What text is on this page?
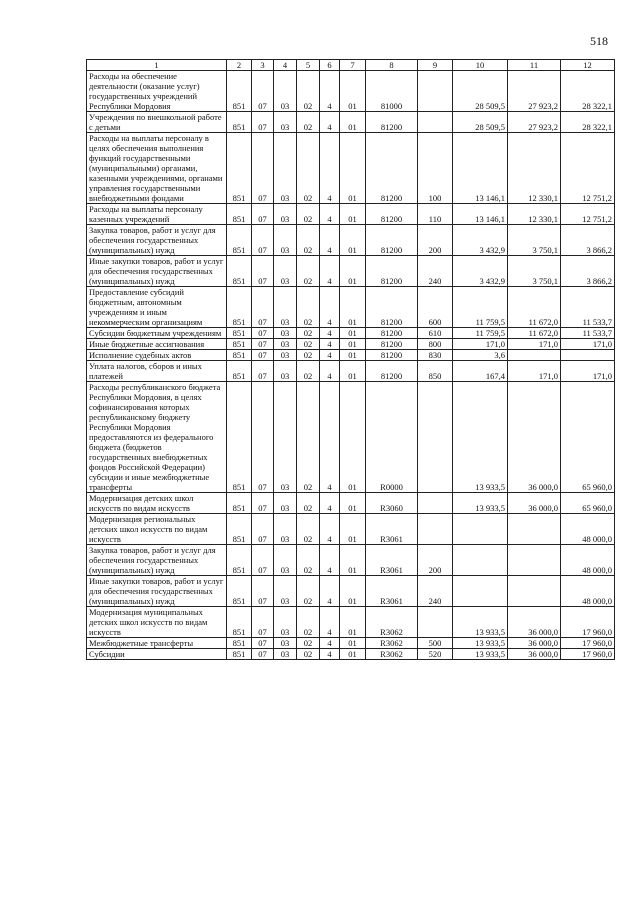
518
1	2	3	4	5	6	7	8	9	10	11	12
Расходы на обеспечение деятельности (оказание услуг) государственных учреждений Республики Мордовия	851	07	03	02	4	01	81000		28 509,5	27 923,2	28 322,1
Учреждения по внешкольной работе с детьми	851	07	03	02	4	01	81200		28 509,5	27 923,2	28 322,1
Расходы на выплаты персоналу в целях обеспечения выполнения функций государственными (муниципальными) органами, казенными учреждениями, органами управления государственными внебюджетными фондами	851	07	03	02	4	01	81200	100	13 146,1	12 330,1	12 751,2
Расходы на выплаты персоналу казенных учреждений	851	07	03	02	4	01	81200	110	13 146,1	12 330,1	12 751,2
Закупка товаров, работ и услуг для обеспечения государственных (муниципальных) нужд	851	07	03	02	4	01	81200	200	3 432,9	3 750,1	3 866,2
Иные закупки товаров, работ и услуг для обеспечения государственных (муниципальных) нужд	851	07	03	02	4	01	81200	240	3 432,9	3 750,1	3 866,2
Предоставление субсидий бюджетным, автономным учреждениям и иным некоммерческим организациям	851	07	03	02	4	01	81200	600	11 759,5	11 672,0	11 533,7
Субсидии бюджетным учреждениям	851	07	03	02	4	01	81200	610	11 759,5	11 672,0	11 533,7
Иные бюджетные ассигнования	851	07	03	02	4	01	81200	800	171,0	171,0	171,0
Исполнение судебных актов	851	07	03	02	4	01	81200	830	3,6		
Уплата налогов, сборов и иных платежей	851	07	03	02	4	01	81200	850	167,4	171,0	171,0
Расходы республиканского бюджета Республики Мордовия, в целях софинансирования которых республиканскому бюджету Республики Мордовия предоставляются из федерального бюджета (бюджетов государственных внебюджетных фондов Российской Федерации) субсидии и иные межбюджетные трансферты	851	07	03	02	4	01	R0000		13 933,5	36 000,0	65 960,0
Модернизация детских школ искусств по видам искусств	851	07	03	02	4	01	R3060		13 933,5	36 000,0	65 960,0
Модернизация региональных детских школ искусств по видам искусств	851	07	03	02	4	01	R3061				48 000,0
Закупка товаров, работ и услуг для обеспечения государственных (муниципальных) нужд	851	07	03	02	4	01	R3061	200			48 000,0
Иные закупки товаров, работ и услуг для обеспечения государственных (муниципальных) нужд	851	07	03	02	4	01	R3061	240			48 000,0
Модернизация муниципальных детских школ искусств по видам искусств	851	07	03	02	4	01	R3062		13 933,5	36 000,0	17 960,0
Межбюджетные трансферты	851	07	03	02	4	01	R3062	500	13 933,5	36 000,0	17 960,0
Субсидии	851	07	03	02	4	01	R3062	520	13 933,5	36 000,0	17 960,0
